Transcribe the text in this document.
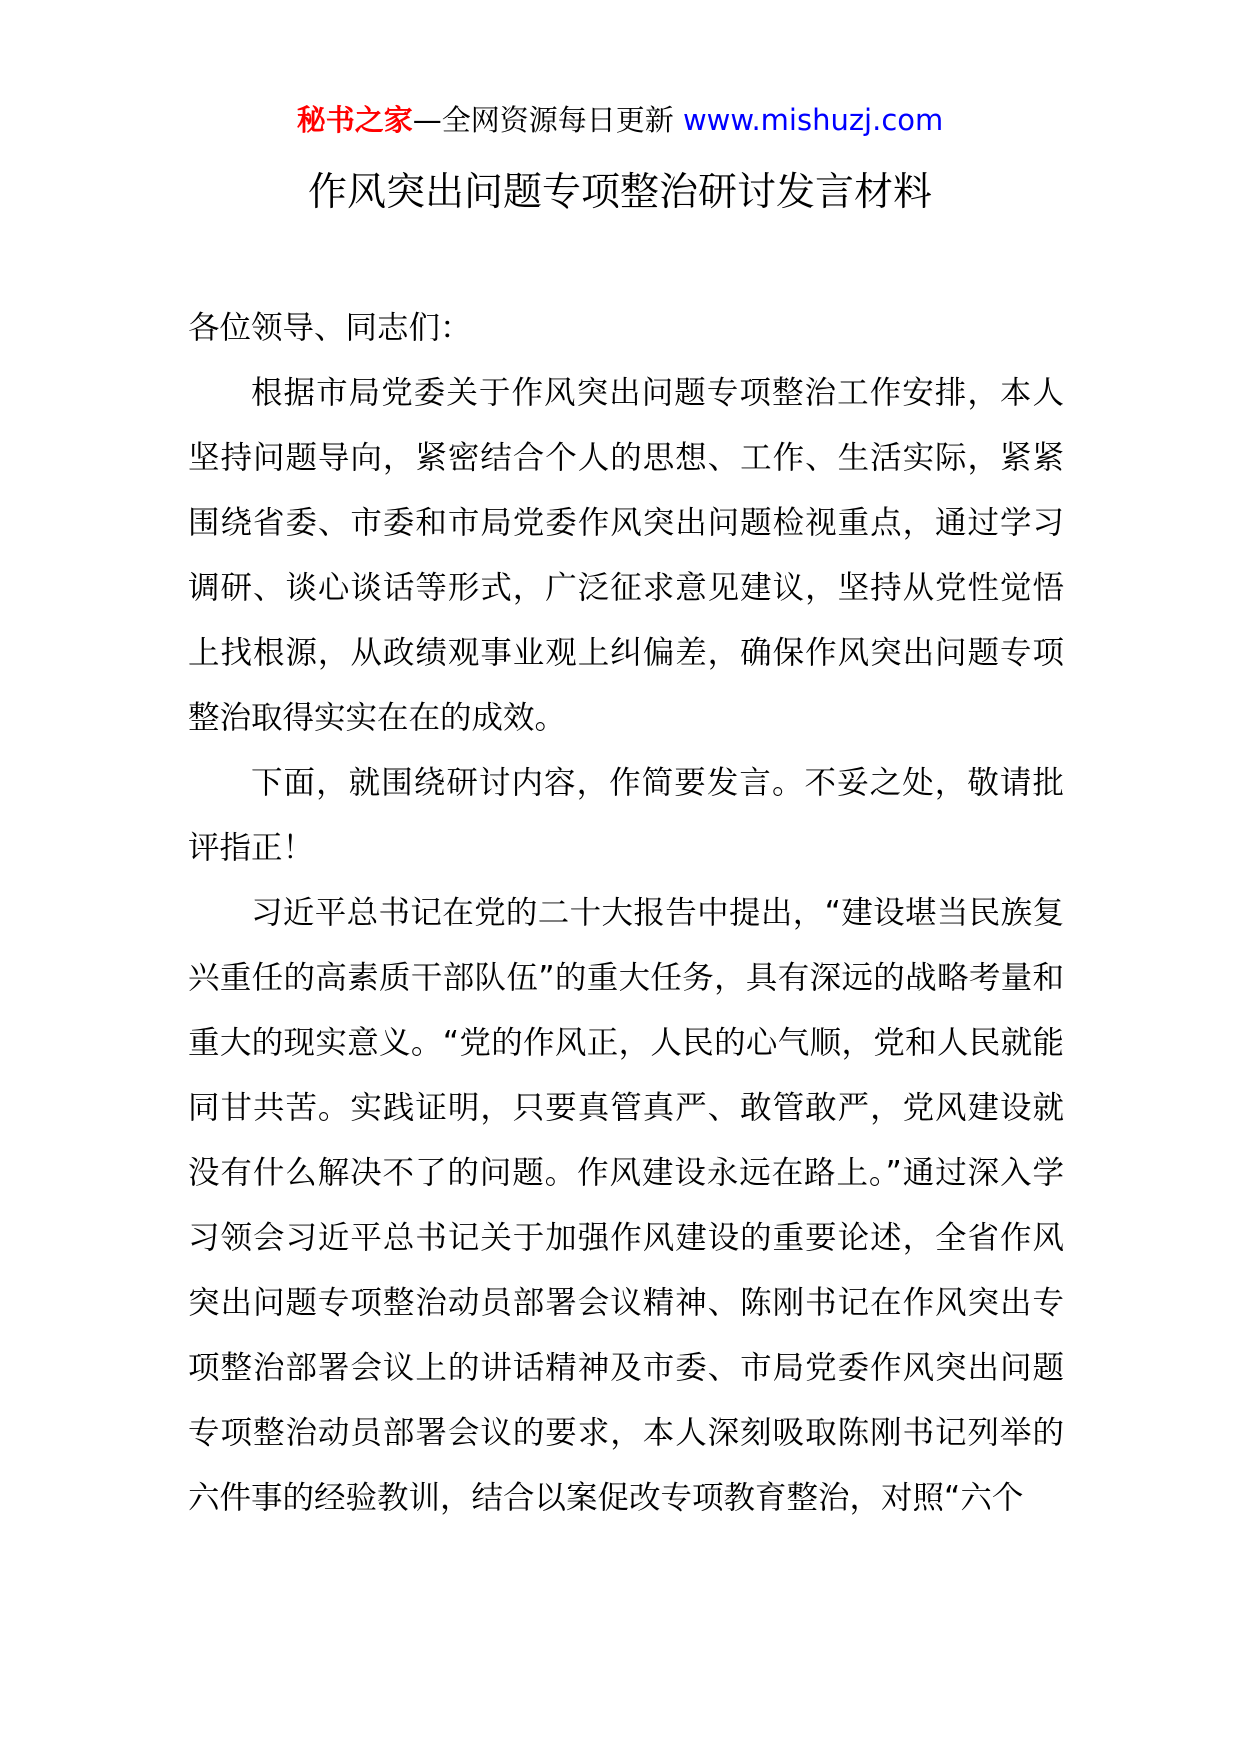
秘书之家—全网资源每日更新 www.mishuzj.com
作风突出问题专项整治研讨发言材料

各位领导、同志们：

根据市局党委关于作风突出问题专项整治工作安排，本人坚持问题导向，紧密结合个人的思想、工作、生活实际，紧紧围绕省委、市委和市局党委作风突出问题检视重点，通过学习调研、谈心谈话等形式，广泛征求意见建议，坚持从党性觉悟上找根源，从政绩观事业观上纠偏差，确保作风突出问题专项整治取得实实在在的成效。

下面，就围绕研讨内容，作简要发言。不妥之处，敬请批评指正！

习近平总书记在党的二十大报告中提出，“建设堪当民族复兴重任的高素质干部队伍”的重大任务，具有深远的战略考量和重大的现实意义。“党的作风正，人民的心气顺，党和人民就能同甘共苦。实践证明，只要真管真严、敢管敢严，党风建设就没有什么解决不了的问题。作风建设永远在路上。”通过深入学习领会习近平总书记关于加强作风建设的重要论述，全省作风突出问题专项整治动员部署会议精神、陈刚书记在作风突出专项整治部署会议上的讲话精神及市委、市局党委作风突出问题专项整治动员部署会议的要求，本人深刻吸取陈刚书记列举的六件事的经验教训，结合以案促改专项教育整治，对照“六个
